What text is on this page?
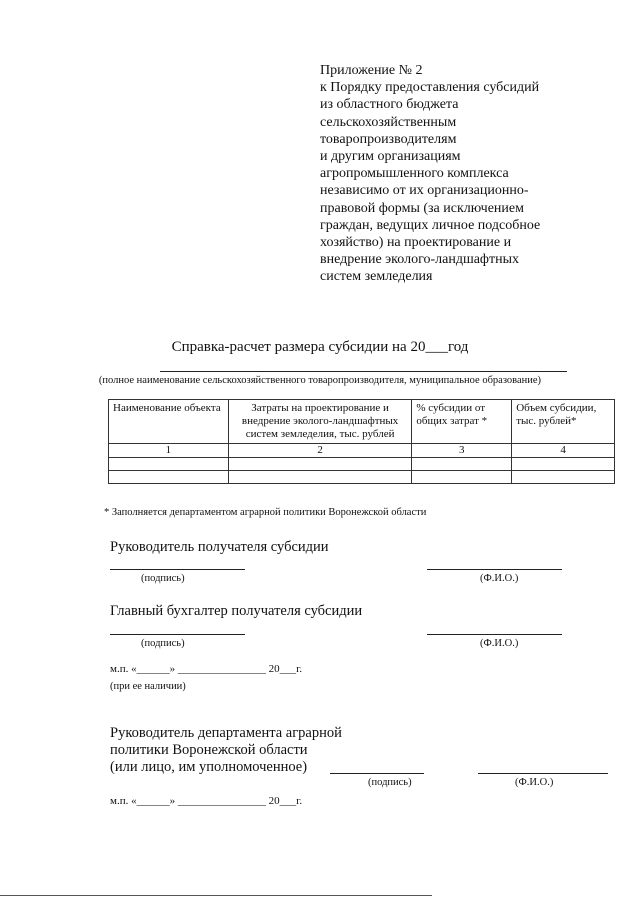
Приложение № 2
к Порядку предоставления субсидий
из областного бюджета
сельскохозяйственным
товаропроизводителям
и другим организациям
агропромышленного комплекса
независимо от их организационно-
правовой формы (за исключением
граждан, ведущих личное подсобное
хозяйство) на проектирование и
внедрение эколого-ландшафтных
систем земледелия
Справка-расчет размера субсидии на 20___год
(полное наименование сельскохозяйственного товаропроизводителя, муниципальное образование)
Наименование объекта	Затраты на проектирование и внедрение эколого-ландшафтных систем земледелия, тыс. рублей	% субсидии от общих затрат *	Объем субсидии, тыс. рублей*
1	2	3	4

* Заполняется департаментом аграрной политики Воронежской области
Руководитель получателя субсидии
(подпись)	(Ф.И.О.)
Главный бухгалтер получателя субсидии
(подпись)	(Ф.И.О.)
м.п. «______» ________________ 20___г.
(при ее наличии)
Руководитель департамента аграрной
политики Воронежской области
(или лицо, им уполномоченное)
(подпись)	(Ф.И.О.)
м.п. «______» ________________ 20___г.
